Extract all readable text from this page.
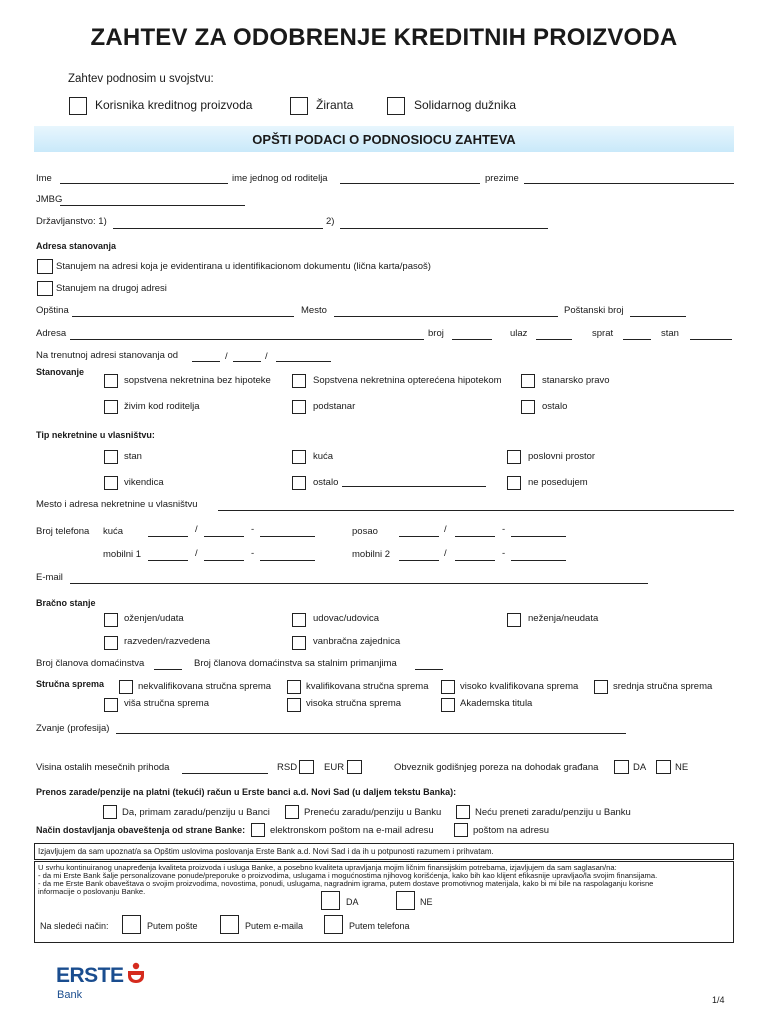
ZAHTEV ZA ODOBRENJE KREDITNIH PROIZVODA
Zahtev podnosim u svojstvu:
Korisnika kreditnog proizvoda	Žiranta	Solidarnog dužnika
OPŠTI PODACI O PODNOSIOCU ZAHTEVA
Ime	ime jednog od roditelja	prezime
JMBG
Državljanstvo: 1)	2)
Adresa stanovanja
Stanujem na adresi koja je evidentirana u identifikacionom dokumentu (lična karta/pasoš)
Stanujem na drugoj adresi
Opština	Mesto	Poštanski broj
Adresa	broj	ulaz	sprat	stan
Na trenutnoj adresi stanovanja od	/	/
Stanovanje
sopstvena nekretnina bez hipoteke	Sopstvena nekretnina opterećena hipotekom	stanarsko pravo
živim kod roditelja	podstanar	ostalo
Tip nekretnine u vlasništvu:
stan	kuća	poslovni prostor
vikendica	ostalo	ne posedujem
Mesto i adresa nekretnine u vlasništvu
Broj telefona kuća	/	-	posao	/	-
mobilni 1	/	-	mobilni 2	/	-
E-mail
Bračno stanje
oženjen/udata	udovac/udovica	neženja/neudata
razveden/razvedena	vanbračna zajednica
Broj članova domaćinstva	Broj članova domaćinstva sa stalnim primanjima
Stručna sprema	nekvalifikovana stručna sprema	kvalifikovana stručna sprema	visoko kvalifikovana sprema	srednja stručna sprema
viša stručna sprema	visoka stručna sprema	Akademska titula
Zvanje (profesija)
Visina ostalih mesečnih prihoda	RSD	EUR	Obveznik godišnjeg poreza na dohodak građana	DA	NE
Prenos zarade/penzije na platni (tekući) račun u Erste banci a.d. Novi Sad (u daljem tekstu Banka):
Da, primam zaradu/penziju u Banci	Preneću zaradu/penziju u Banku	Neću preneti zaradu/penziju u Banku
Način dostavljanja obaveštenja od strane Banke:	elektronskom poštom na e-mail adresu	poštom na adresu
Izjavljujem da sam upoznat/a sa Opštim uslovima poslovanja Erste Bank a.d. Novi Sad i da ih u potpunosti razumem i prihvatam.
U svrhu kontinuiranog unapređenja kvaliteta proizvoda i usluga Banke, a posebno kvaliteta upravljanja mojim ličnim finansijskim potrebama, izjavljujem da sam saglasan/na:
- da mi Erste Bank šalje personalizovane ponude/preporuke o proizvodima, uslugama i mogućnostima njihovog korišćenja, kako bih kao klijent efikasnije upravljao/la svojim finansijama.
- da me Erste Bank obaveštava o svojim proizvodima, novostima, ponudi, uslugama, nagradnim igrama, putem dostave promotivnog materijala, kako bi mi bile na raspolaganju korisne
informacije o poslovanju Banke.
DA	NE
Na sledeći način:	Putem pošte	Putem e-maila	Putem telefona
ERSTE
Bank	1/4
